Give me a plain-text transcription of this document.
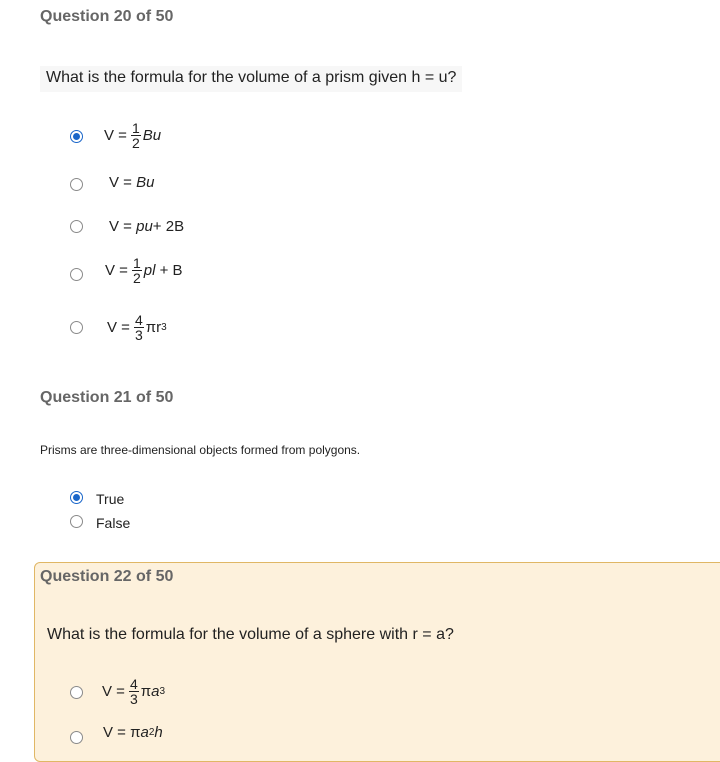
Question 20 of 50
What is the formula for the volume of a prism given h = u?
$V = \frac{1}{2}$ Bu
V =
Bu
V =
pu + 2B
$V = \frac{1}{2}$ pl
+ B
$V = \frac{4}{3}$ πr 3
Question 21 of 50
Prisms are three-dimensional objects formed from polygons.
True
False
Question 22 of 50
What is the formula for the volume of a sphere with r = a?
$V = \frac{4}{3}$ π a 3
V =
π a 2 h
